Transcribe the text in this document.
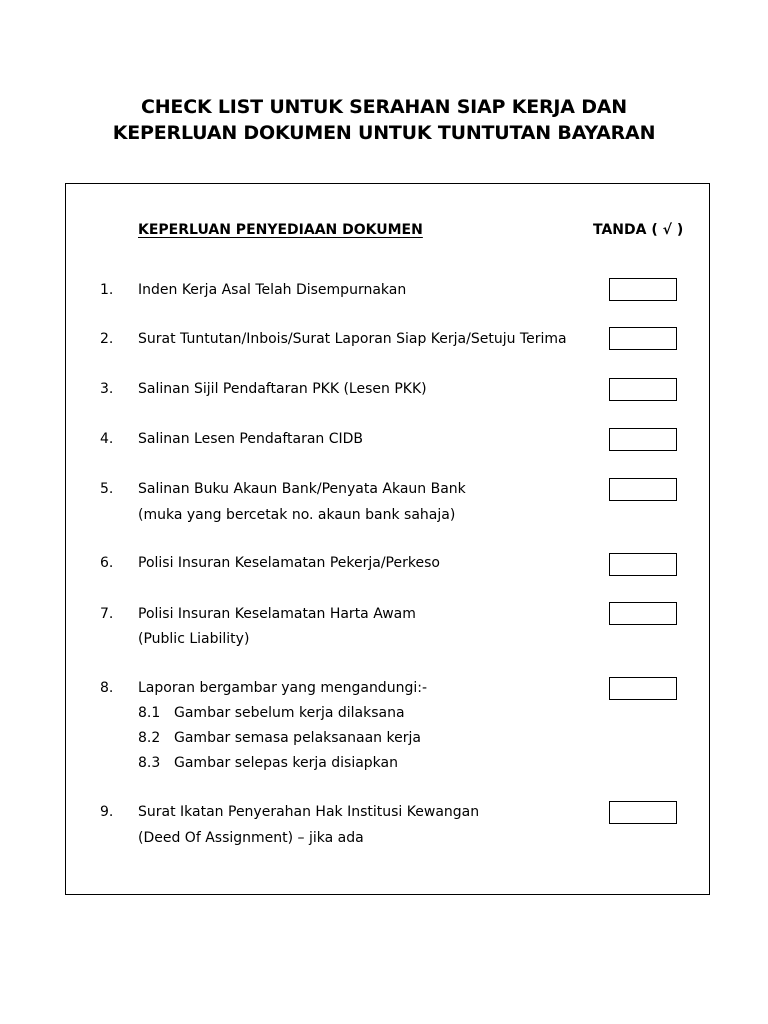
CHECK LIST UNTUK SERAHAN SIAP KERJA DAN
KEPERLUAN DOKUMEN UNTUK TUNTUTAN BAYARAN
KEPERLUAN PENYEDIAAN DOKUMEN	TANDA ( √ )
1. Inden Kerja Asal Telah Disempurnakan
2. Surat Tuntutan/Inbois/Surat Laporan Siap Kerja/Setuju Terima
3. Salinan Sijil Pendaftaran PKK (Lesen PKK)
4. Salinan Lesen Pendaftaran CIDB
5. Salinan Buku Akaun Bank/Penyata Akaun Bank
(muka yang bercetak no. akaun bank sahaja)
6. Polisi Insuran Keselamatan Pekerja/Perkeso
7. Polisi Insuran Keselamatan Harta Awam
(Public Liability)
8. Laporan bergambar yang mengandungi:-
8.1 Gambar sebelum kerja dilaksana
8.2 Gambar semasa pelaksanaan kerja
8.3 Gambar selepas kerja disiapkan
9. Surat Ikatan Penyerahan Hak Institusi Kewangan
(Deed Of Assignment) – jika ada
